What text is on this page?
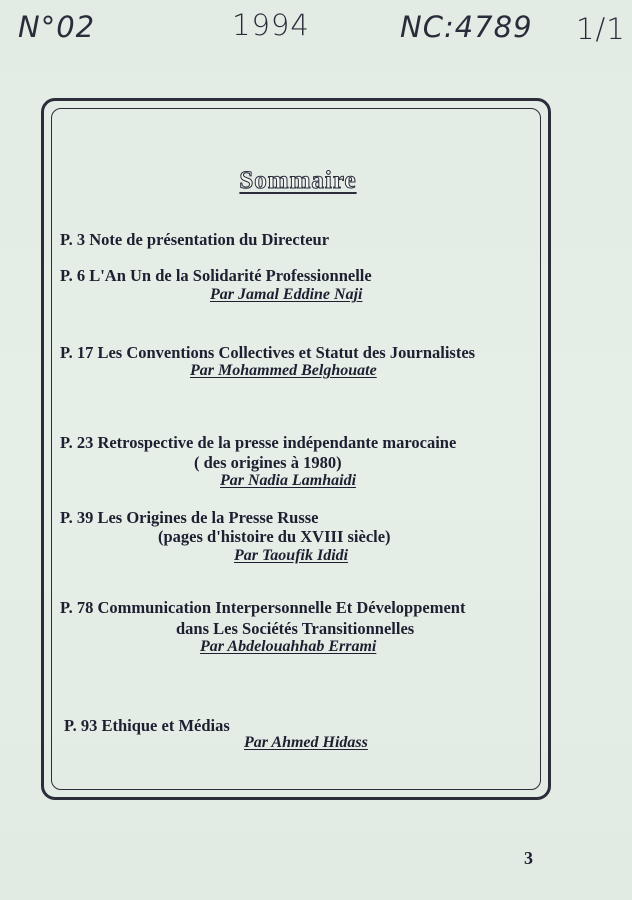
N°02	1994	NC:4789 1/1
Sommaire
P. 3 Note de présentation du Directeur
P. 6 L'An Un de la Solidarité Professionnelle
Par Jamal Eddine Naji
P. 17 Les Conventions Collectives et Statut des Journalistes
Par Mohammed Belghouate
P. 23 Retrospective de la presse indépendante marocaine
( des origines à 1980)
Par Nadia Lamhaidi
P. 39 Les Origines de la Presse Russe
(pages d'histoire du XVIII siècle)
Par Taoufik Ididi
P. 78 Communication Interpersonnelle Et Développement
dans Les Sociétés Transitionnelles
Par Abdelouahhab Errami
P. 93 Ethique et Médias
Par Ahmed Hidass
3
